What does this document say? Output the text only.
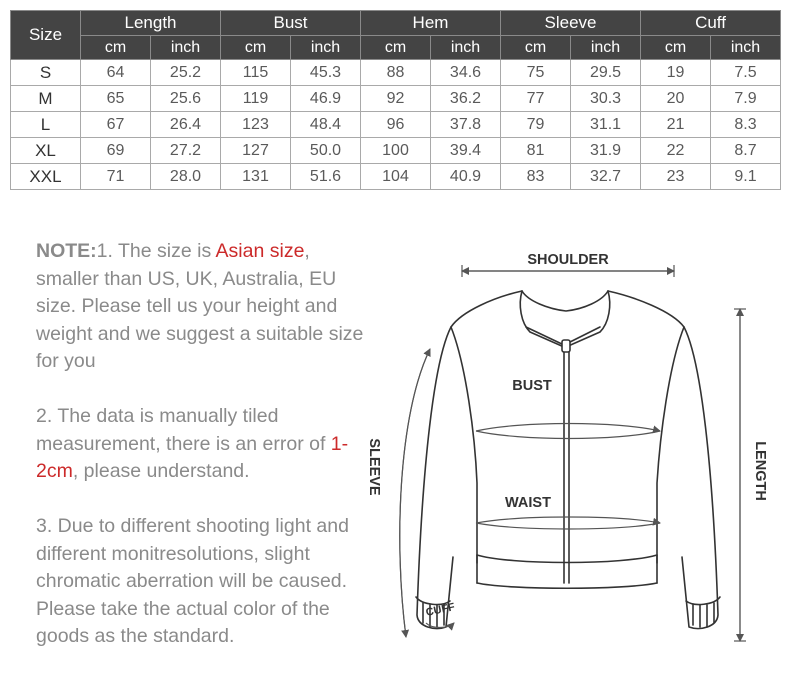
Size	Length		Bust		Hem		Sleeve		Cuff	
	cm	inch	cm	inch	cm	inch	cm	inch	cm	inch
S	64	25.2	115	45.3	88	34.6	75	29.5	19	7.5
M	65	25.6	119	46.9	92	36.2	77	30.3	20	7.9
L	67	26.4	123	48.4	96	37.8	79	31.1	21	8.3
XL	69	27.2	127	50.0	100	39.4	81	31.9	22	8.7
XXL	71	28.0	131	51.6	104	40.9	83	32.7	23	9.1

NOTE:1. The size is Asian size, smaller than US, UK, Australia, EU size. Please tell us your height and weight and we suggest a suitable size for you

2. The data is manually tiled measurement, there is an error of 1-2cm, please understand.

3. Due to different shooting light and different monitresolutions, slight chromatic aberration will be caused. Please take the actual color of the goods as the standard.

SHOULDER
BUST
WAIST
SLEEVE	LENGTH
CUFF
